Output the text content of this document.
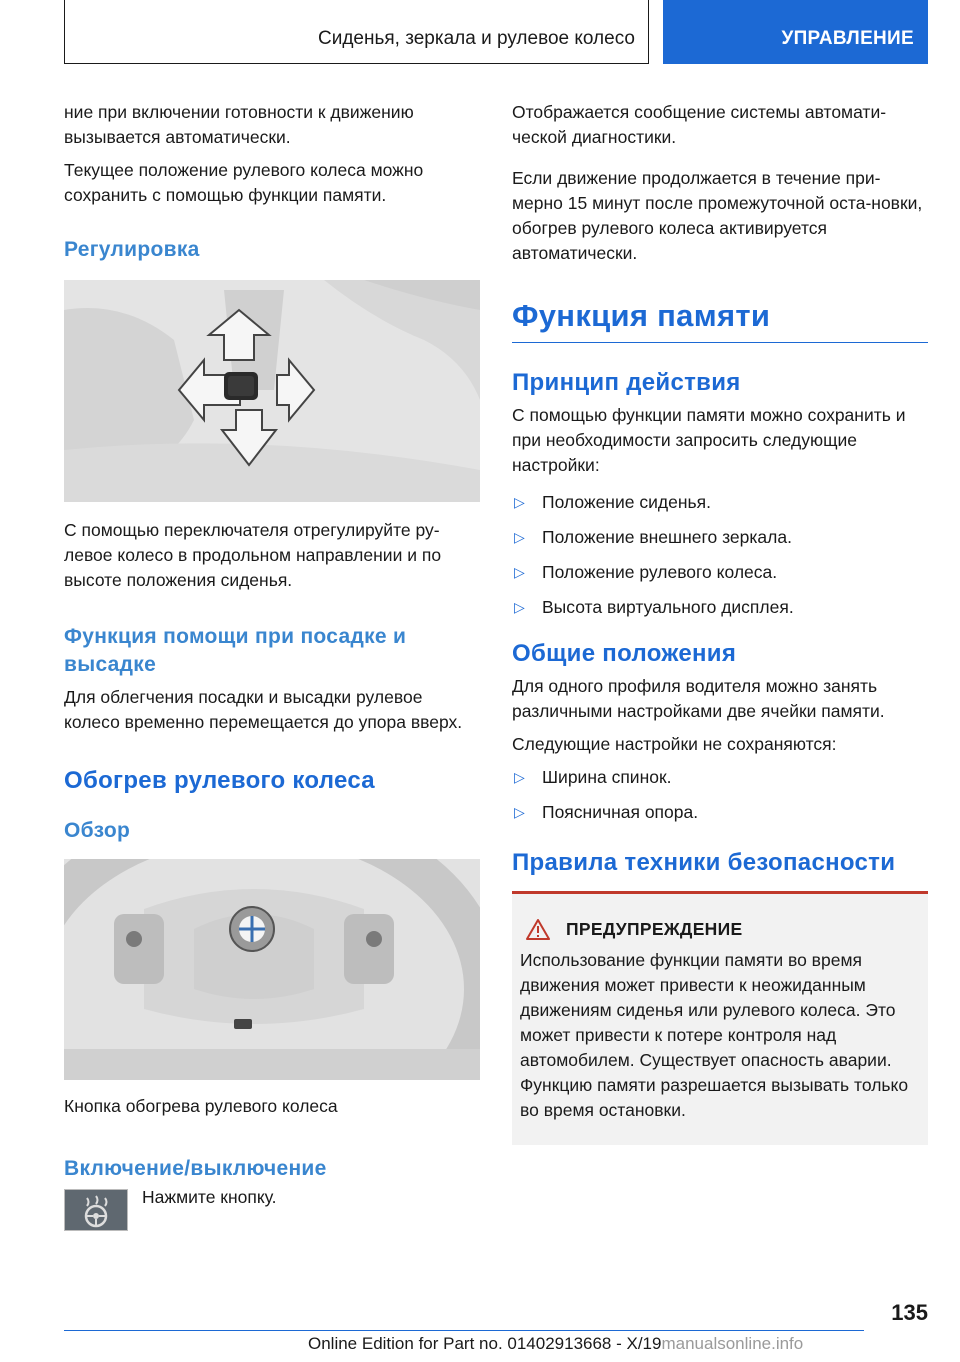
Сиденья, зеркала и рулевое колесо	УПРАВЛЕНИЕ

ние при включении готовности к движению вызывается автоматически.

Текущее положение рулевого колеса можно сохранить с помощью функции памяти.

Регулировка

С помощью переключателя отрегулируйте ру-левое колесо в продольном направлении и по высоте положения сиденья.

Функция помощи при посадке и высадке

Для облегчения посадки и высадки рулевое колесо временно перемещается до упора вверх.

Обогрев рулевого колеса
Обзор

Кнопка обогрева рулевого колеса

Включение/выключение

Нажмите кнопку.

Отображается сообщение системы автомати-ческой диагностики.

Если движение продолжается в течение при-мерно 15 минут после промежуточной оста-новки, обогрев рулевого колеса активируется автоматически.

Функция памяти
Принцип действия

С помощью функции памяти можно сохранить и при необходимости запросить следующие настройки:

▷ Положение сиденья.
▷ Положение внешнего зеркала.
▷ Положение рулевого колеса.
▷ Высота виртуального дисплея.
Общие положения

Для одного профиля водителя можно занять различными настройками две ячейки памяти.

Следующие настройки не сохраняются:

▷ Ширина спинок.
▷ Поясничная опора.
Правила техники безопасности
ПРЕДУПРЕЖДЕНИЕ

Использование функции памяти во время движения может привести к неожиданным движениям сиденья или рулевого колеса. Это может привести к потере контроля над автомобилем. Существует опасность аварии. Функцию памяти разрешается вызывать только во время остановки.

135
Online Edition for Part no. 01402913668 - X/19manualsonline.info
